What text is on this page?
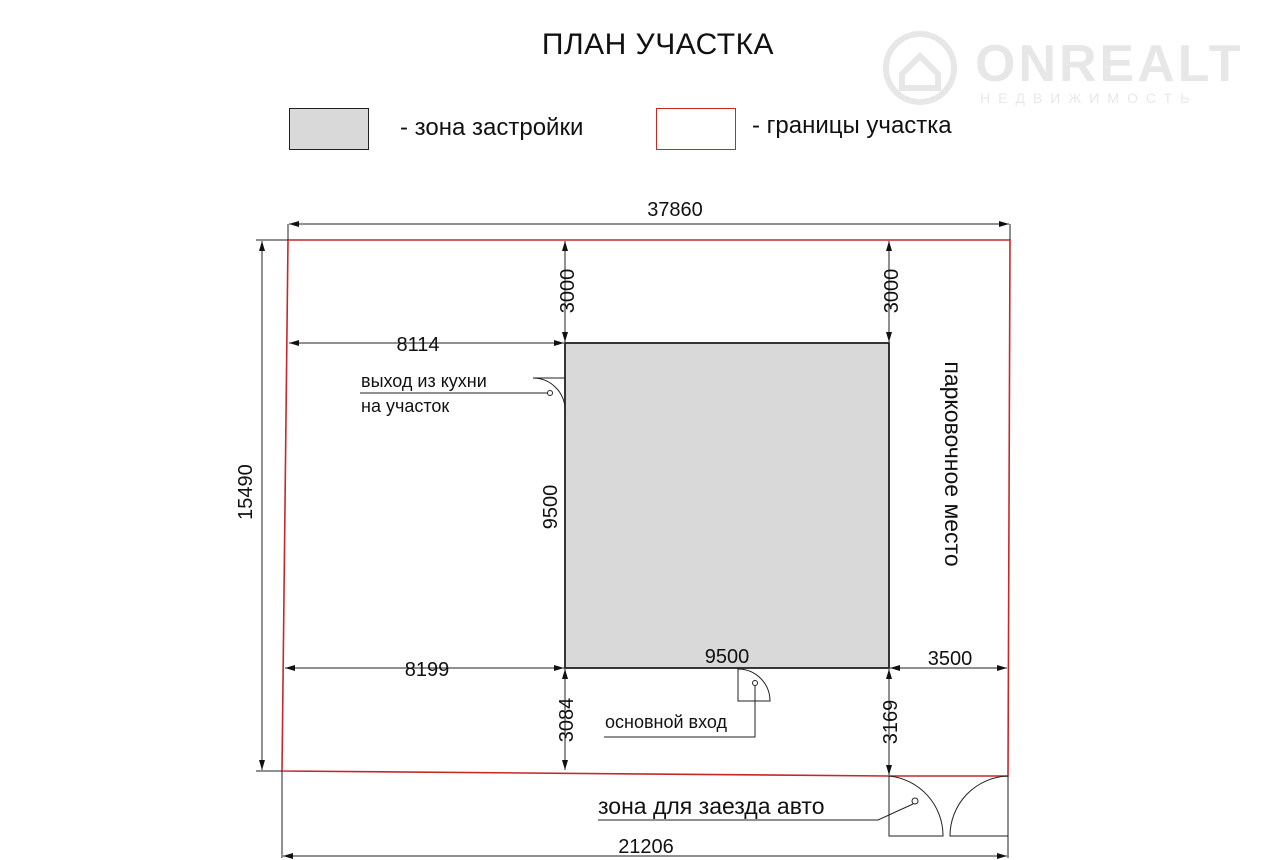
ПЛАН УЧАСТКА
- зона застройки	- границы участка
ONREALT
НЕДВИЖИМОСТЬ
37860
15490
3000	3000
8114
9500
8199
9500	3500
3084	3169
21206
выход из кухни
на участок
основной вход
парковочное место
зона для заезда авто
